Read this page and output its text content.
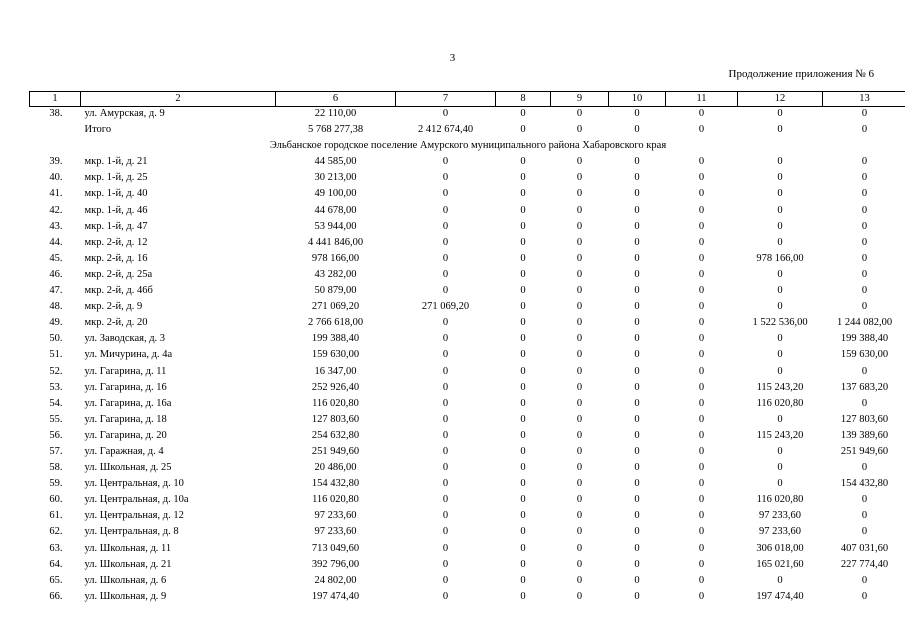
3
Продолжение приложения № 6
1	2	6	7	8	9	10	11	12	13
38.	ул. Амурская, д. 9	22 110,00	0	0	0	0	0	0	0
	Итого	5 768 277,38	2 412 674,40	0	0	0	0	0	0
Эльбанское городское поселение Амурского муниципального района Хабаровского края									
39.	мкр. 1-й, д. 21	44 585,00	0	0	0	0	0	0	0
40.	мкр. 1-й, д. 25	30 213,00	0	0	0	0	0	0	0
41.	мкр. 1-й, д. 40	49 100,00	0	0	0	0	0	0	0
42.	мкр. 1-й, д. 46	44 678,00	0	0	0	0	0	0	0
43.	мкр. 1-й, д. 47	53 944,00	0	0	0	0	0	0	0
44.	мкр. 2-й, д. 12	4 441 846,00	0	0	0	0	0	0	0
45.	мкр. 2-й, д. 16	978 166,00	0	0	0	0	0	978 166,00	0
46.	мкр. 2-й, д. 25а	43 282,00	0	0	0	0	0	0	0
47.	мкр. 2-й, д. 46б	50 879,00	0	0	0	0	0	0	0
48.	мкр. 2-й, д. 9	271 069,20	271 069,20	0	0	0	0	0	0
49.	мкр. 2-й, д. 20	2 766 618,00	0	0	0	0	0	1 522 536,00	1 244 082,00
50.	ул. Заводская, д. 3	199 388,40	0	0	0	0	0	0	199 388,40
51.	ул. Мичурина, д. 4а	159 630,00	0	0	0	0	0	0	159 630,00
52.	ул. Гагарина, д. 11	16 347,00	0	0	0	0	0	0	0
53.	ул. Гагарина, д. 16	252 926,40	0	0	0	0	0	115 243,20	137 683,20
54.	ул. Гагарина, д. 16а	116 020,80	0	0	0	0	0	116 020,80	0
55.	ул. Гагарина, д. 18	127 803,60	0	0	0	0	0	0	127 803,60
56.	ул. Гагарина, д. 20	254 632,80	0	0	0	0	0	115 243,20	139 389,60
57.	ул. Гаражная, д. 4	251 949,60	0	0	0	0	0	0	251 949,60
58.	ул. Школьная, д. 25	20 486,00	0	0	0	0	0	0	0
59.	ул. Центральная, д. 10	154 432,80	0	0	0	0	0	0	154 432,80
60.	ул. Центральная, д. 10а	116 020,80	0	0	0	0	0	116 020,80	0
61.	ул. Центральная, д. 12	97 233,60	0	0	0	0	0	97 233,60	0
62.	ул. Центральная, д. 8	97 233,60	0	0	0	0	0	97 233,60	0
63.	ул. Школьная, д. 11	713 049,60	0	0	0	0	0	306 018,00	407 031,60
64.	ул. Школьная, д. 21	392 796,00	0	0	0	0	0	165 021,60	227 774,40
65.	ул. Школьная, д. 6	24 802,00	0	0	0	0	0	0	0
66.	ул. Школьная, д. 9	197 474,40	0	0	0	0	0	197 474,40	0
